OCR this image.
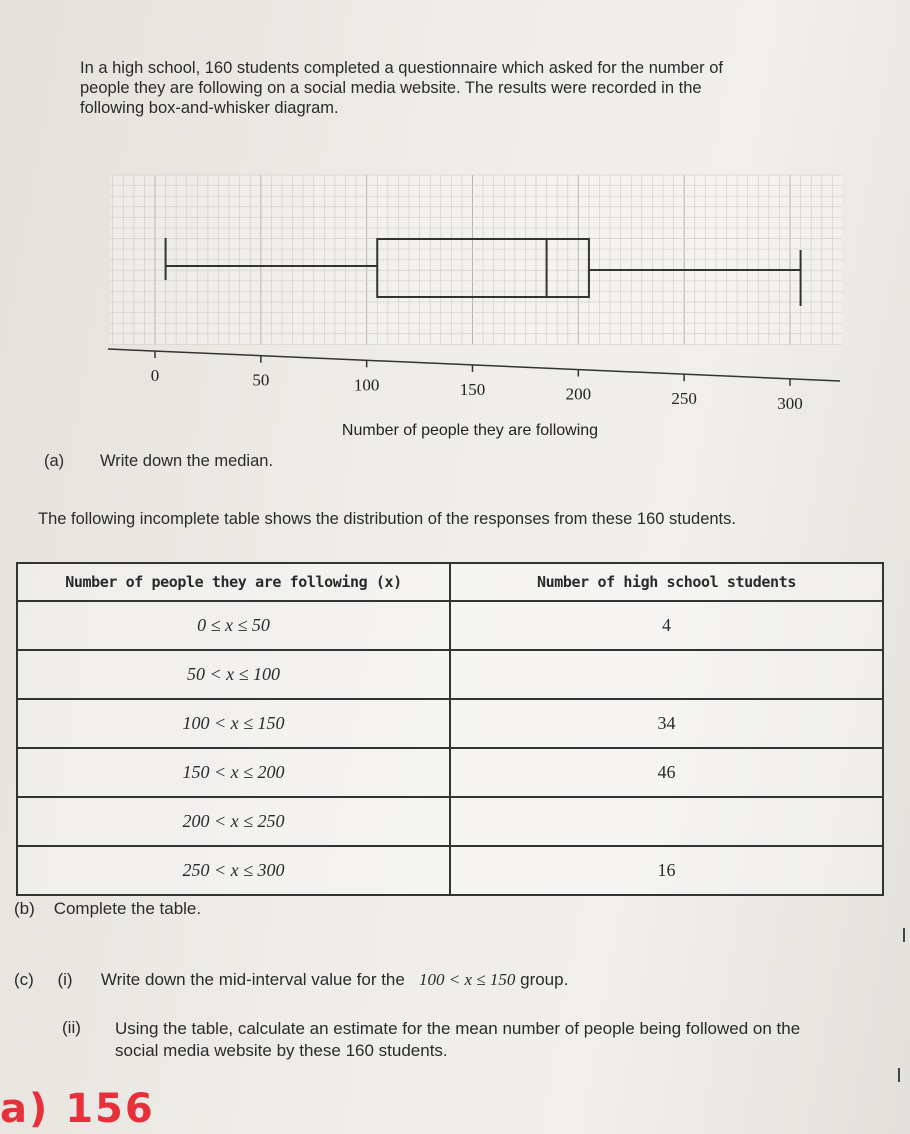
In a high school, 160 students completed a questionnaire which asked for the number of
people they are following on a social media website. The results were recorded in the
following box-and-whisker diagram.
0	50	100	150	200	250	300
Number of people they are following
(a) Write down the median.
The following incomplete table shows the distribution of the responses from these 160 students.
Number of people they are following (x)	Number of high school students
0 ≤ x ≤ 50	4
50 < x ≤ 100	
100 < x ≤ 150	34
150 < x ≤ 200	46
200 < x ≤ 250	
250 < x ≤ 300	16
(b) Complete the table.
(c) (i) Write down the mid-interval value for the 100 < x ≤ 150 group.
(ii) Using the table, calculate an estimate for the mean number of people being followed on the social media website by these 160 students.
a) 156
